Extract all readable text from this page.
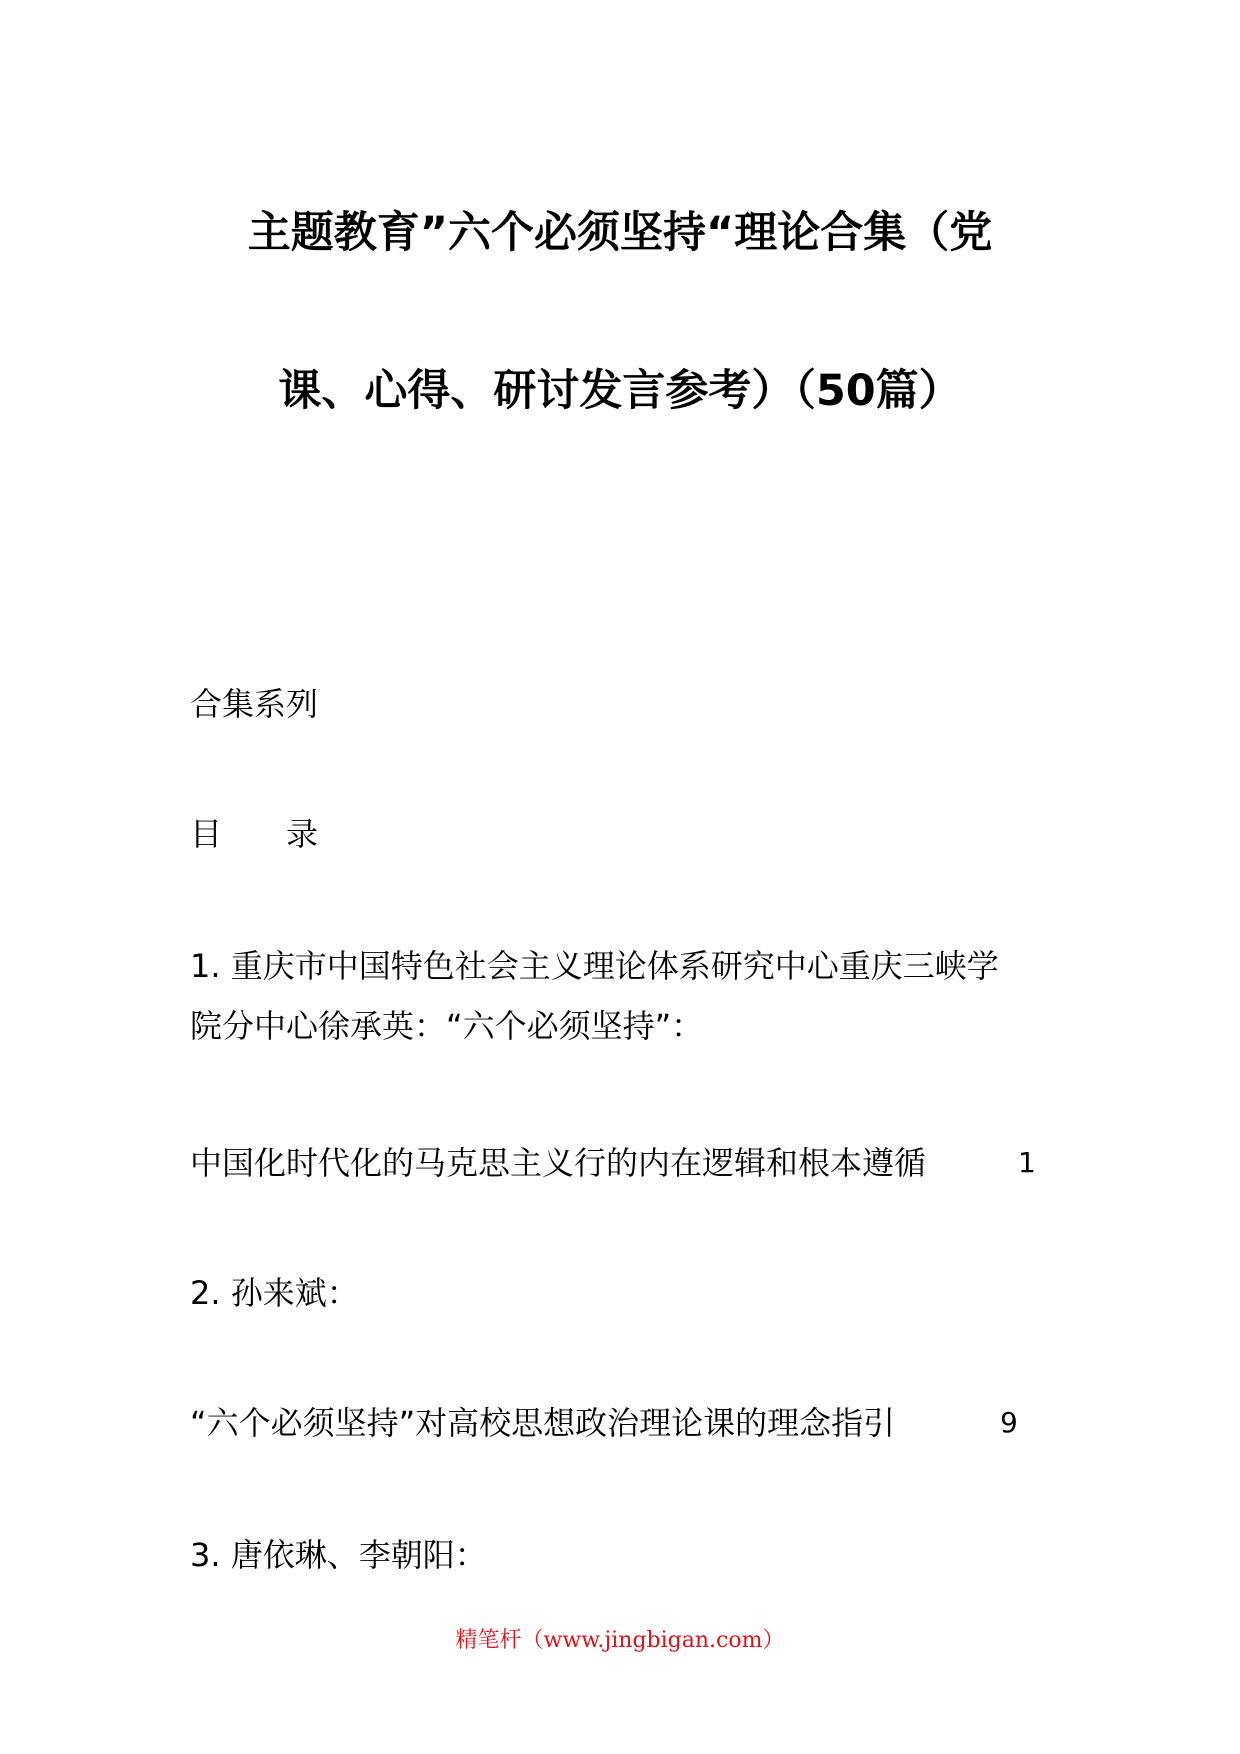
主题教育”六个必须坚持“理论合集（党
课、心得、研讨发言参考）（50篇）
合集系列
目 录
1. 重庆市中国特色社会主义理论体系研究中心重庆三峡学
院分中心徐承英：“六个必须坚持”：
中国化时代化的马克思主义行的内在逻辑和根本遵循	1
2. 孙来斌：
“六个必须坚持”对高校思想政治理论课的理念指引	9
3. 唐依琳、李朝阳：
精笔杆（www.jingbigan.com）
